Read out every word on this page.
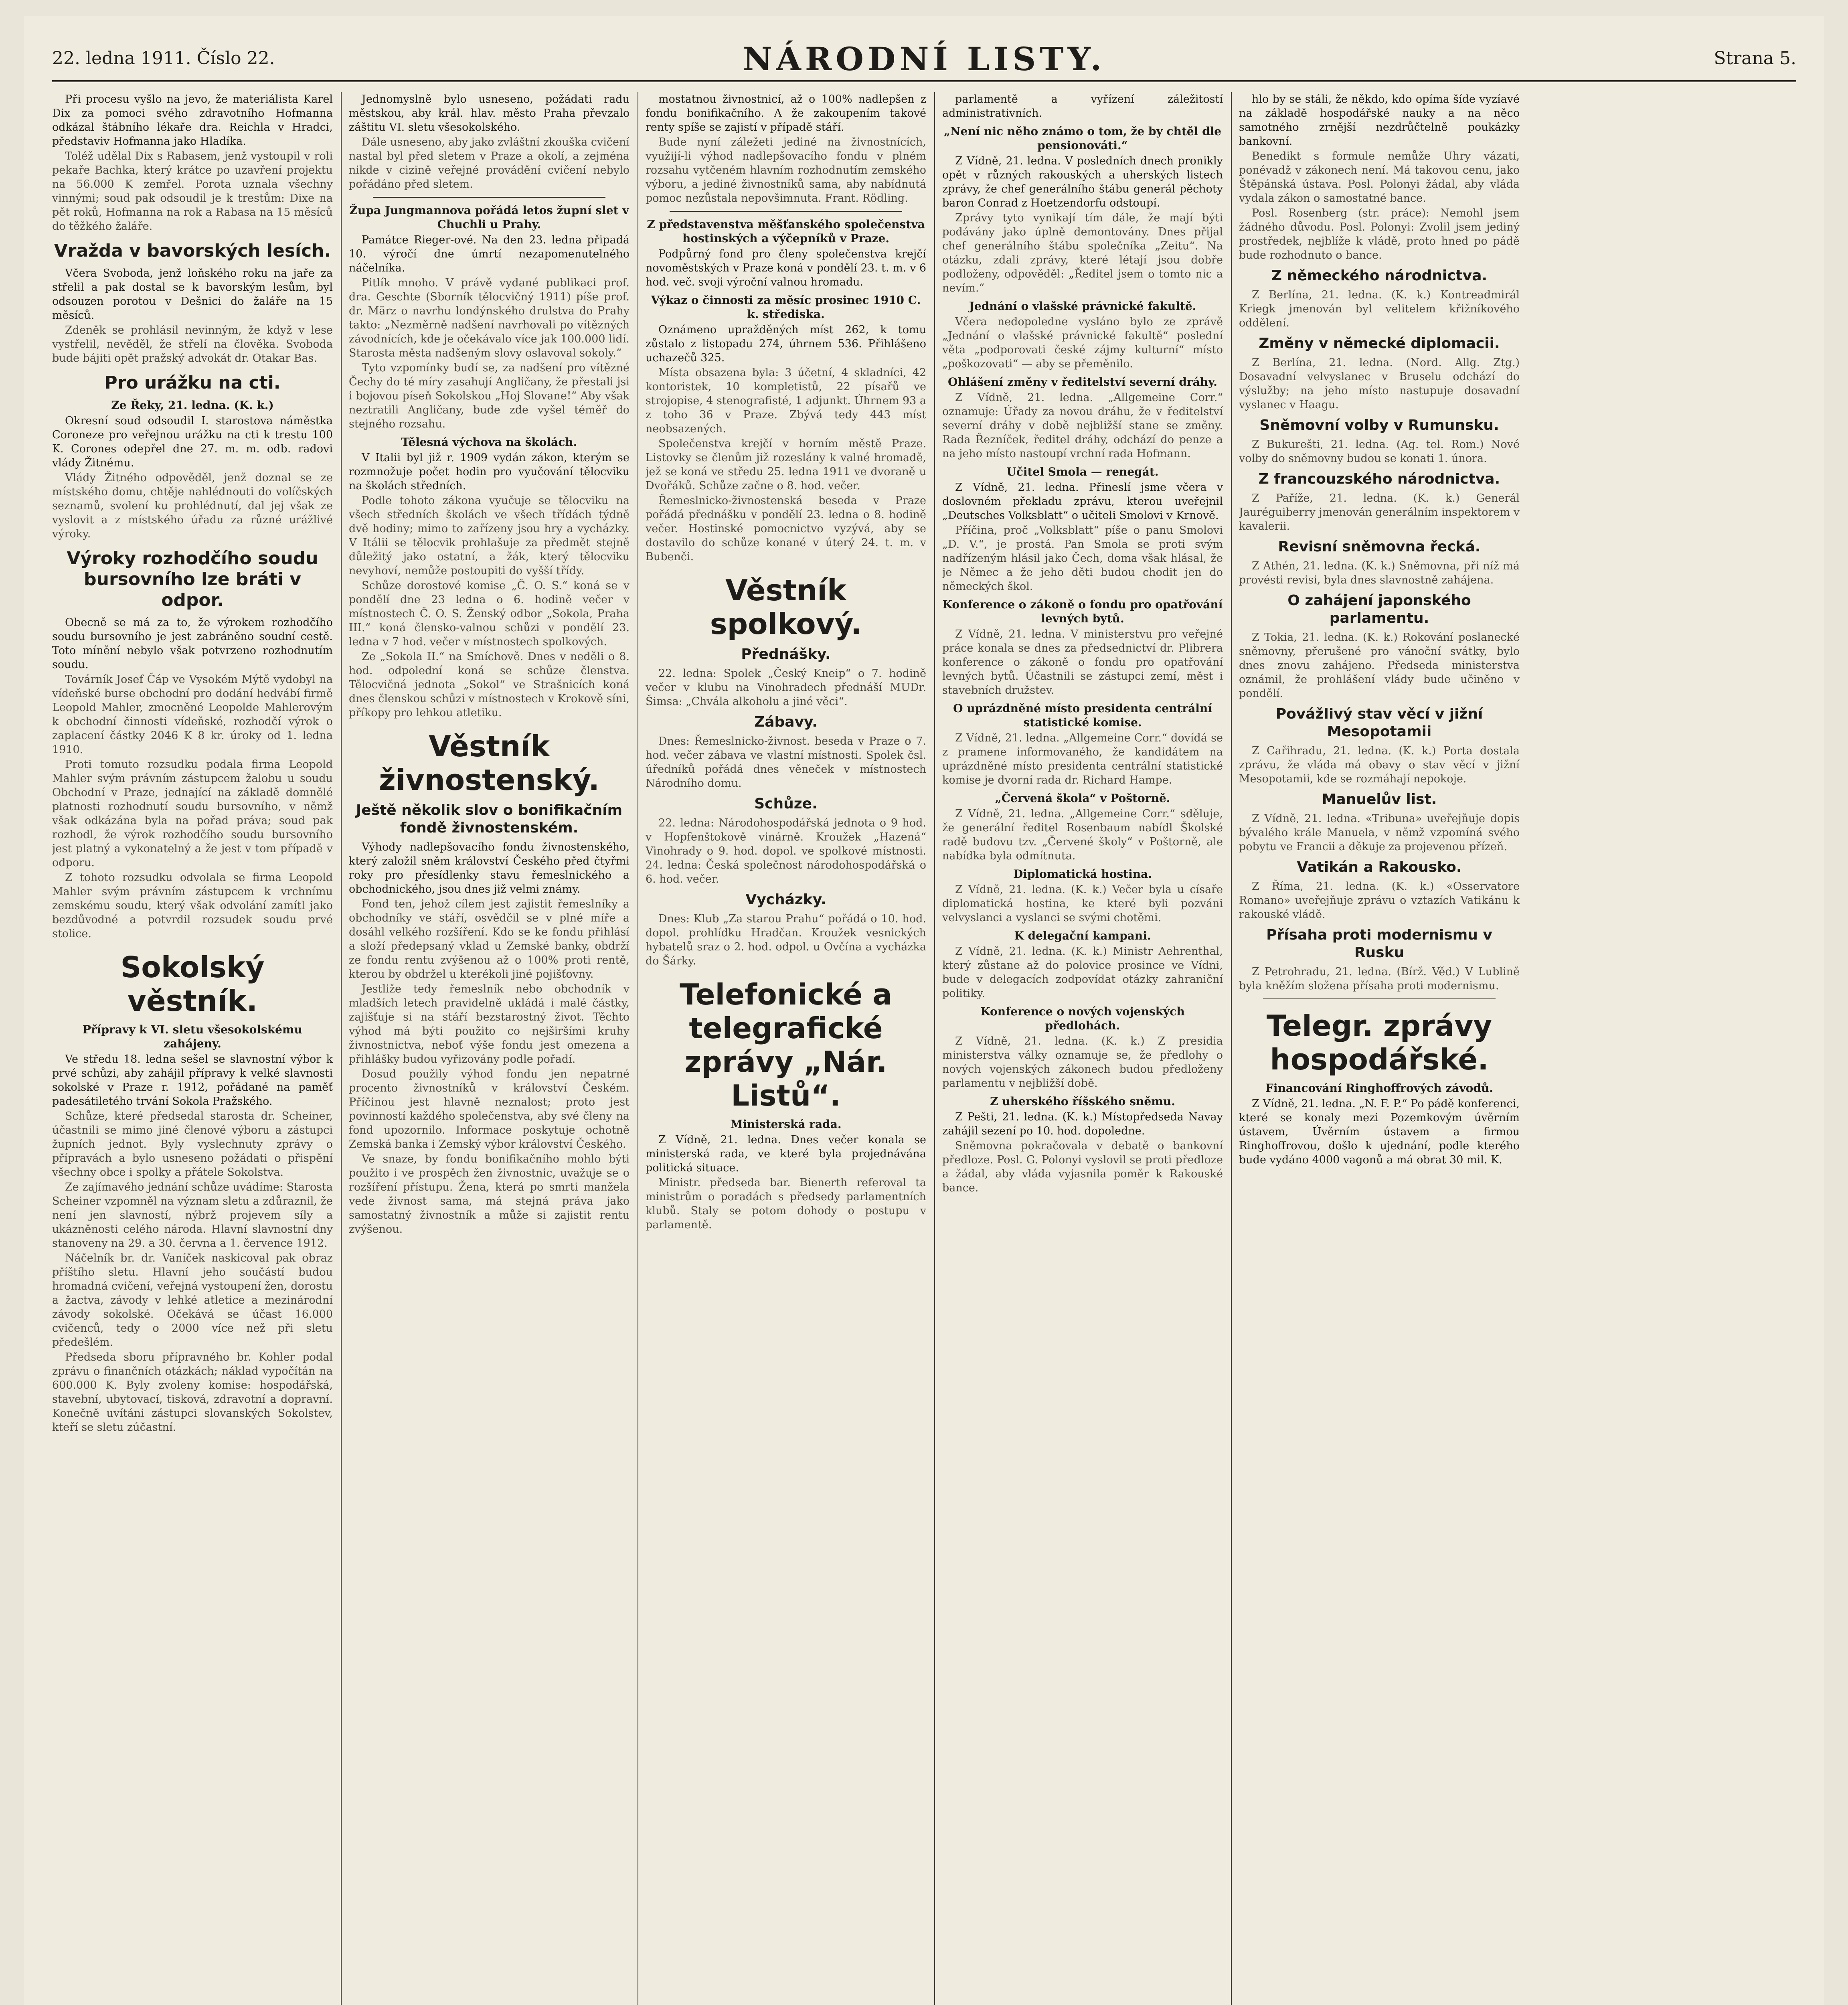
22. ledna 1911. Číslo 22.	NÁRODNÍ LISTY.	Strana 5.

Při procesu vyšlo na jevo, že materiálista Karel Dix za pomoci svého zdravotního Hofmanna odkázal štábního lékaře dra. Reichla v Hradci, představiv Hofmanna jako Hladíka.

Toléž udělal Dix s Rabasem, jenž vystoupil v roli pekaře Bachka, který krátce po uzavření projektu na 56.000 K zemřel. Porota uznala všechny vinnými; soud pak odsoudil je k trestům: Dixe na pět roků, Hofmanna na rok a Rabasa na 15 měsíců do těžkého žaláře.

Vražda v bavorských lesích.

Včera Svoboda, jenž loňského roku na jaře za střelil a pak dostal se k bavorským lesům, byl odsouzen porotou v Dešnici do žaláře na 15 měsíců.

Zdeněk se prohlásil nevinným, že když v lese vystřelil, nevěděl, že střelí na člověka. Svoboda bude bájiti opět pražský advokát dr. Otakar Bas.

Pro urážku na cti.
Ze Řeky, 21. ledna. (K. k.)

Okresní soud odsoudil I. starostova náměstka Coroneze pro veřejnou urážku na cti k trestu 100 K. Corones odepřel dne 27. m. m. odb. radovi vlády Žitnému.

Vlády Žitného odpověděl, jenž doznal se ze místského domu, chtěje nahlédnouti do volíčských seznamů, svolení ku prohlédnutí, dal jej však ze vyslovit a z místského úřadu za různé urážlivé výroky.

Výroky rozhodčího soudu bursovního lze bráti v odpor.

Obecně se má za to, že výrokem rozhodčího soudu bursovního je jest zabráněno soudní cestě. Toto mínění nebylo však potvrzeno rozhodnutím soudu.

Továrník Josef Čáp ve Vysokém Mýtě vydobyl na vídeňské burse obchodní pro dodání hedvábí firmě Leopold Mahler, zmocněné Leopolde Mahlerovým k obchodní činnosti vídeňské, rozhodčí výrok o zaplacení částky 2046 K 8 kr. úroky od 1. ledna 1910.

Proti tomuto rozsudku podala firma Leopold Mahler svým právním zástupcem žalobu u soudu Obchodní v Praze, jednající na základě domnělé platnosti rozhodnutí soudu bursovního, v němž však odkázána byla na pořad práva; soud pak rozhodl, že výrok rozhodčího soudu bursovního jest platný a vykonatelný a že jest v tom případě v odporu.

Z tohoto rozsudku odvolala se firma Leopold Mahler svým právním zástupcem k vrchnímu zemskému soudu, který však odvolání zamítl jako bezdůvodné a potvrdil rozsudek soudu prvé stolice.

Sokolský věstník.
Přípravy k VI. sletu všesokolskému zahájeny.

Ve středu 18. ledna sešel se slavnostní výbor k prvé schůzi, aby zahájil přípravy k velké slavnosti sokolské v Praze r. 1912, pořádané na paměť padesátiletého trvání Sokola Pražského.

Schůze, které předsedal starosta dr. Scheiner, účastnili se mimo jiné členové výboru a zástupci župních jednot. Byly vyslechnuty zprávy o přípravách a bylo usneseno požádati o přispění všechny obce i spolky a přátele Sokolstva.

Ze zajímavého jednání schůze uvádíme: Starosta Scheiner vzpomněl na význam sletu a zdůraznil, že není jen slavností, nýbrž projevem síly a ukázněnosti celého národa. Hlavní slavnostní dny stanoveny na 29. a 30. června a 1. července 1912.

Náčelník br. dr. Vaníček naskicoval pak obraz příštího sletu. Hlavní jeho součástí budou hromadná cvičení, veřejná vystoupení žen, dorostu a žactva, závody v lehké atletice a mezinárodní závody sokolské. Očekává se účast 16.000 cvičenců, tedy o 2000 více než při sletu předešlém.

Předseda sboru přípravného br. Kohler podal zprávu o finančních otázkách; náklad vypočítán na 600.000 K. Byly zvoleny komise: hospodářská, stavební, ubytovací, tisková, zdravotní a dopravní. Konečně uvítáni zástupci slovanských Sokolstev, kteří se sletu zúčastní.

Jednomyslně bylo usneseno, požádati radu městskou, aby král. hlav. město Praha převzalo záštitu VI. sletu všesokolského.

Dále usneseno, aby jako zvláštní zkouška cvičení nastal byl před sletem v Praze a okolí, a zejména nikde v cizině veřejné provádění cvičení nebylo pořádáno před sletem.

Župa Jungmannova pořádá letos župní slet v Chuchli u Prahy.

Památce Rieger-ové. Na den 23. ledna připadá 10. výročí dne úmrtí nezapomenutelného náčelníka.

Pitlík mnoho. V právě vydané publikaci prof. dra. Geschte (Sborník tělocvičný 1911) píše prof. dr. März o navrhu londýnského drulstva do Prahy takto: „Nezměrně nadšení navrhovali po vítězných závodnících, kde je očekávalo více jak 100.000 lidí. Starosta města nadšeným slovy oslavoval sokoly.“

Tyto vzpomínky budí se, za nadšení pro vítězné Čechy do té míry zasahují Angličany, že přestali jsi i bojovou píseň Sokolskou „Hoj Slovane!“ Aby však neztratili Angličany, bude zde vyšel téměř do stejného rozsahu.

Tělesná výchova na školách.

V Italii byl již r. 1909 vydán zákon, kterým se rozmnožuje počet hodin pro vyučování tělocviku na školách středních.

Podle tohoto zákona vyučuje se tělocviku na všech středních školách ve všech třídách týdně dvě hodiny; mimo to zařízeny jsou hry a vycházky. V Itálii se tělocvik prohlašuje za předmět stejně důležitý jako ostatní, a žák, který tělocviku nevyhoví, nemůže postoupiti do vyšší třídy.

Schůze dorostové komise „Č. O. S.“ koná se v pondělí dne 23 ledna o 6. hodině večer v místnostech Č. O. S. Ženský odbor „Sokola, Praha III.“ koná člensko-valnou schůzi v pondělí 23. ledna v 7 hod. večer v místnostech spolkových.

Ze „Sokola II.“ na Smíchově. Dnes v neděli o 8. hod. odpolední koná se schůze členstva. Tělocvičná jednota „Sokol“ ve Strašnicích koná dnes členskou schůzi v místnostech v Krokově síni, příkopy pro lehkou atletiku.

Věstník živnostenský.
Ještě několik slov o bonifikačním fondě živnostenském.

Výhody nadlepšovacího fondu živnostenského, který založil sněm království Českého před čtyřmi roky pro přesídlenky stavu řemeslnického a obchodnického, jsou dnes již velmi známy.

Fond ten, jehož cílem jest zajistit řemeslníky a obchodníky ve stáří, osvědčil se v plné míře a dosáhl velkého rozšíření. Kdo se ke fondu přihlásí a složí předepsaný vklad u Zemské banky, obdrží ze fondu rentu zvýšenou až o 100% proti rentě, kterou by obdržel u kterékoli jiné pojišťovny.

Jestliže tedy řemeslník nebo obchodník v mladších letech pravidelně ukládá i malé částky, zajišťuje si na stáří bezstarostný život. Těchto výhod má býti použito co nejširšími kruhy živnostnictva, neboť výše fondu jest omezena a přihlášky budou vyřizovány podle pořadí.

Dosud použily výhod fondu jen nepatrné procento živnostníků v království Českém. Příčinou jest hlavně neznalost; proto jest povinností každého společenstva, aby své členy na fond upozornilo. Informace poskytuje ochotně Zemská banka i Zemský výbor království Českého.

Ve snaze, by fondu bonifikačního mohlo býti použito i ve prospěch žen živnostnic, uvažuje se o rozšíření přístupu. Žena, která po smrti manžela vede živnost sama, má stejná práva jako samostatný živnostník a může si zajistit rentu zvýšenou.

mostatnou živnostnicí, až o 100% nadlepšen z fondu bonifikačního. A že zakoupením takové renty spíše se zajistí v případě stáří.

Bude nyní záležeti jediné na živnostnících, využijí-li výhod nadlepšovacího fondu v plném rozsahu vytčeném hlavním rozhodnutím zemského výboru, a jediné živnostníků sama, aby nabídnutá pomoc nezůstala nepovšimnuta. Frant. Rödling.

Z představenstva měšťanského společenstva hostinských a výčepníků v Praze.

Podpůrný fond pro členy společenstva krejčí novoměstských v Praze koná v pondělí 23. t. m. v 6 hod. več. svoji výroční valnou hromadu.

Výkaz o činnosti za měsíc prosinec 1910 C. k. střediska.

Oznámeno upražděných míst 262, k tomu zůstalo z listopadu 274, úhrnem 536. Přihlášeno uchazečů 325.

Místa obsazena byla: 3 účetní, 4 skladníci, 42 kontoristek, 10 kompletistů, 22 písařů ve strojopise, 4 stenografisté, 1 adjunkt. Úhrnem 93 a z toho 36 v Praze. Zbývá tedy 443 míst neobsazených.

Společenstva krejčí v horním městě Praze. Listovky se členům již rozeslány k valné hromadě, jež se koná ve středu 25. ledna 1911 ve dvoraně u Dvořáků. Schůze začne o 8. hod. večer.

Řemeslnicko-živnostenská beseda v Praze pořádá přednášku v pondělí 23. ledna o 8. hodině večer. Hostinské pomocnictvo vyzývá, aby se dostavilo do schůze konané v úterý 24. t. m. v Bubenči.

Věstník spolkový.
Přednášky.

22. ledna: Spolek „Český Kneip“ o 7. hodině večer v klubu na Vinohradech přednáší MUDr. Šimsa: „Chvála alkoholu a jiné věci“.

Zábavy.

Dnes: Řemeslnicko-živnost. beseda v Praze o 7. hod. večer zábava ve vlastní místnosti. Spolek čsl. úředníků pořádá dnes věneček v místnostech Národního domu.

Schůze.

22. ledna: Národohospodářská jednota o 9 hod. v Hopfenštokově vinárně. Kroužek „Hazená“ Vinohrady o 9. hod. dopol. ve spolkové místnosti. 24. ledna: Česká společnost národohospodářská o 6. hod. večer.

Vycházky.

Dnes: Klub „Za starou Prahu“ pořádá o 10. hod. dopol. prohlídku Hradčan. Kroužek vesnických hybatelů sraz o 2. hod. odpol. u Ovčína a vycházka do Šárky.

Telefonické a telegrafické zprávy „Nár. Listů“.
Ministerská rada.

Z Vídně, 21. ledna. Dnes večer konala se ministerská rada, ve které byla projednávána politická situace.

Ministr. předseda bar. Bienerth referoval ta ministrům o poradách s předsedy parlamentních klubů. Staly se potom dohody o postupu v parlamentě.

parlamentě a vyřízení záležitostí administrativních.

„Není nic něho známo o tom, že by chtěl dle pensionováti.“

Z Vídně, 21. ledna. V posledních dnech pronikly opět v různých rakouských a uherských listech zprávy, že chef generálního štábu generál pěchoty baron Conrad z Hoetzendorfu odstoupí.

Zprávy tyto vynikají tím dále, že mají býti podávány jako úplně demontovány. Dnes přijal chef generálního štábu společníka „Zeitu“. Na otázku, zdali zprávy, které létají jsou dobře podloženy, odpověděl: „Ředitel jsem o tomto nic a nevím.“

Jednání o vlašské právnické fakultě.

Včera nedopoledne vysláno bylo ze zprávě „Jednání o vlašské právnické fakultě“ poslední věta „podporovati české zájmy kulturní“ místo „poškozovati“ — aby se přeměnilo.

Ohlášení změny v ředitelství severní dráhy.

Z Vídně, 21. ledna. „Allgemeine Corr.“ oznamuje: Úřady za novou dráhu, že v ředitelství severní dráhy v době nejbližší stane se změny. Rada Řezníček, ředitel dráhy, odchází do penze a na jeho místo nastoupí vrchní rada Hofmann.

Učitel Smola — renegát.

Z Vídně, 21. ledna. Přineslí jsme včera v doslovném překladu zprávu, kterou uveřejnil „Deutsches Volksblatt“ o učiteli Smolovi v Krnově.

Příčina, proč „Volksblatt“ píše o panu Smolovi „D. V.“, je prostá. Pan Smola se proti svým nadřízeným hlásil jako Čech, doma však hlásal, že je Němec a že jeho děti budou chodit jen do německých škol.

Konference o zákoně o fondu pro opatřování levných bytů.

Z Vídně, 21. ledna. V ministerstvu pro veřejné práce konala se dnes za předsednictví dr. Plibrera konference o zákoně o fondu pro opatřování levných bytů. Účastnili se zástupci zemí, měst i stavebních družstev.

O uprázdněné místo presidenta centrální statistické komise.

Z Vídně, 21. ledna. „Allgemeine Corr.“ dovídá se z pramene informovaného, že kandidátem na uprázdněné místo presidenta centrální statistické komise je dvorní rada dr. Richard Hampe.

„Červená škola“ v Poštorně.

Z Vídně, 21. ledna. „Allgemeine Corr.“ sděluje, že generální ředitel Rosenbaum nabídl Školské radě budovu tzv. „Červené školy“ v Poštorně, ale nabídka byla odmítnuta.

Diplomatická hostina.

Z Vídně, 21. ledna. (K. k.) Večer byla u císaře diplomatická hostina, ke které byli pozváni velvyslanci a vyslanci se svými chotěmi.

K delegační kampani.

Z Vídně, 21. ledna. (K. k.) Ministr Aehrenthal, který zůstane až do polovice prosince ve Vídni, bude v delegacích zodpovídat otázky zahraniční politiky.

Konference o nových vojenských předlohách.

Z Vídně, 21. ledna. (K. k.) Z presidia ministerstva války oznamuje se, že předlohy o nových vojenských zákonech budou předloženy parlamentu v nejbližší době.

Z uherského říšského sněmu.

Z Pešti, 21. ledna. (K. k.) Místopředseda Navay zahájil sezení po 10. hod. dopoledne.

Sněmovna pokračovala v debatě o bankovní předloze. Posl. G. Polonyi vyslovil se proti předloze a žádal, aby vláda vyjasnila poměr k Rakouské bance.

hlo by se stáli, že někdo, kdo opíma šíde vyzíavé na základě hospodářské nauky a na něco samotného zrnější nezdrůčtelně poukázky bankovní.

Benedikt s formule nemůže Uhry vázati, ponévadž v zákonech není. Má takovou cenu, jako Štěpánská ústava. Posl. Polonyi žádal, aby vláda vydala zákon o samostatné bance.

Posl. Rosenberg (str. práce): Nemohl jsem žádného důvodu. Posl. Polonyi: Zvolil jsem jediný prostředek, nejblíže k vládě, proto hned po pádě bude rozhodnuto o bance.

Z německého národnictva.

Z Berlína, 21. ledna. (K. k.) Kontreadmirál Kriegk jmenován byl velitelem křižníkového oddělení.

Změny v německé diplomacii.

Z Berlína, 21. ledna. (Nord. Allg. Ztg.) Dosavadní velvyslanec v Bruselu odchází do výslužby; na jeho místo nastupuje dosavadní vyslanec v Haagu.

Sněmovní volby v Rumunsku.

Z Bukurešti, 21. ledna. (Ag. tel. Rom.) Nové volby do sněmovny budou se konati 1. února.

Z francouzského národnictva.

Z Paříže, 21. ledna. (K. k.) Generál Jauréguiberry jmenován generálním inspektorem v kavalerii.

Revisní sněmovna řecká.

Z Athén, 21. ledna. (K. k.) Sněmovna, při níž má provésti revisi, byla dnes slavnostně zahájena.

O zahájení japonského parlamentu.

Z Tokia, 21. ledna. (K. k.) Rokování poslanecké sněmovny, přerušené pro vánoční svátky, bylo dnes znovu zahájeno. Předseda ministerstva oznámil, že prohlášení vlády bude učiněno v pondělí.

Povážlivý stav věcí v jižní Mesopotamii

Z Cařihradu, 21. ledna. (K. k.) Porta dostala zprávu, že vláda má obavy o stav věcí v jižní Mesopotamii, kde se rozmáhají nepokoje.

Manuelův list.

Z Vídně, 21. ledna. «Tribuna» uveřejňuje dopis bývalého krále Manuela, v němž vzpomíná svého pobytu ve Francii a děkuje za projevenou přízeň.

Vatikán a Rakousko.

Z Říma, 21. ledna. (K. k.) «Osservatore Romano» uveřejňuje zprávu o vztazích Vatikánu k rakouské vládě.

Přísaha proti modernismu v Rusku

Z Petrohradu, 21. ledna. (Bírž. Věd.) V Lublině byla kněžím složena přísaha proti modernismu.

Telegr. zprávy hospodářské.
Financování Ringhoffrových závodů.

Z Vídně, 21. ledna. „N. F. P.“ Po pádě konferenci, které se konaly mezi Pozemkovým úvěrním ústavem, Úvěrním ústavem a firmou Ringhoffrovou, došlo k ujednání, podle kterého bude vydáno 4000 vagonů a má obrat 30 mil. K.
